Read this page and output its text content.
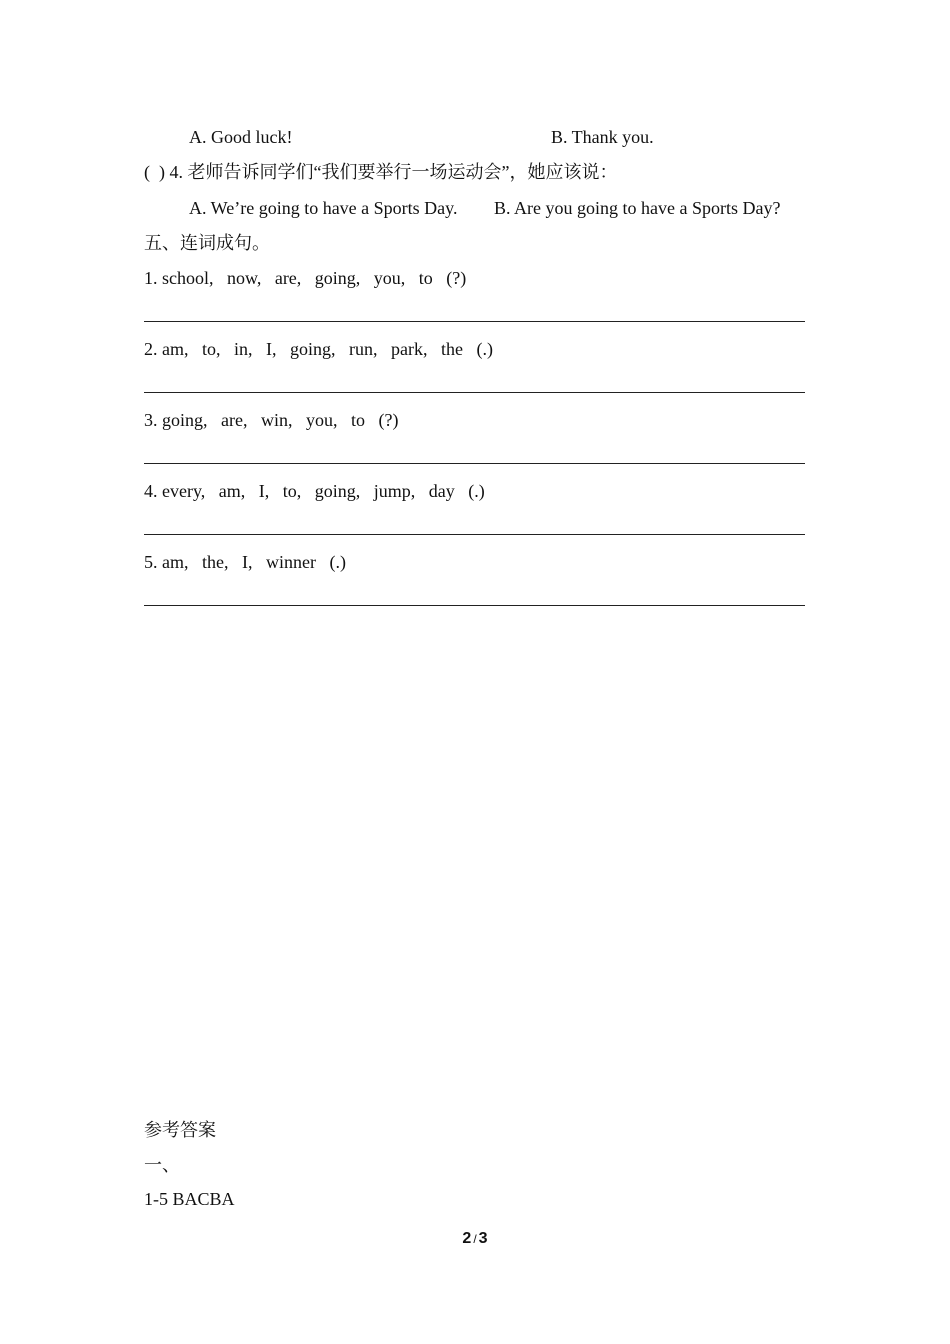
A. Good luck!	B. Thank you.
(  ) 4. 老师告诉同学们“我们要举行一场运动会”，她应该说：
A. We’re going to have a Sports Day. B. Are you going to have a Sports Day?
五、连词成句。
1. school,   now,   are,   going,   you,   to   (?)
2. am,   to,   in,   I,   going,   run,   park,   the   (.)
3. going,   are,   win,   you,   to   (?)
4. every,   am,   I,   to,   going,   jump,   day   (.)
5. am,   the,   I,   winner   (.)
参考答案
一、
1-5 BACBA
2 / 3
